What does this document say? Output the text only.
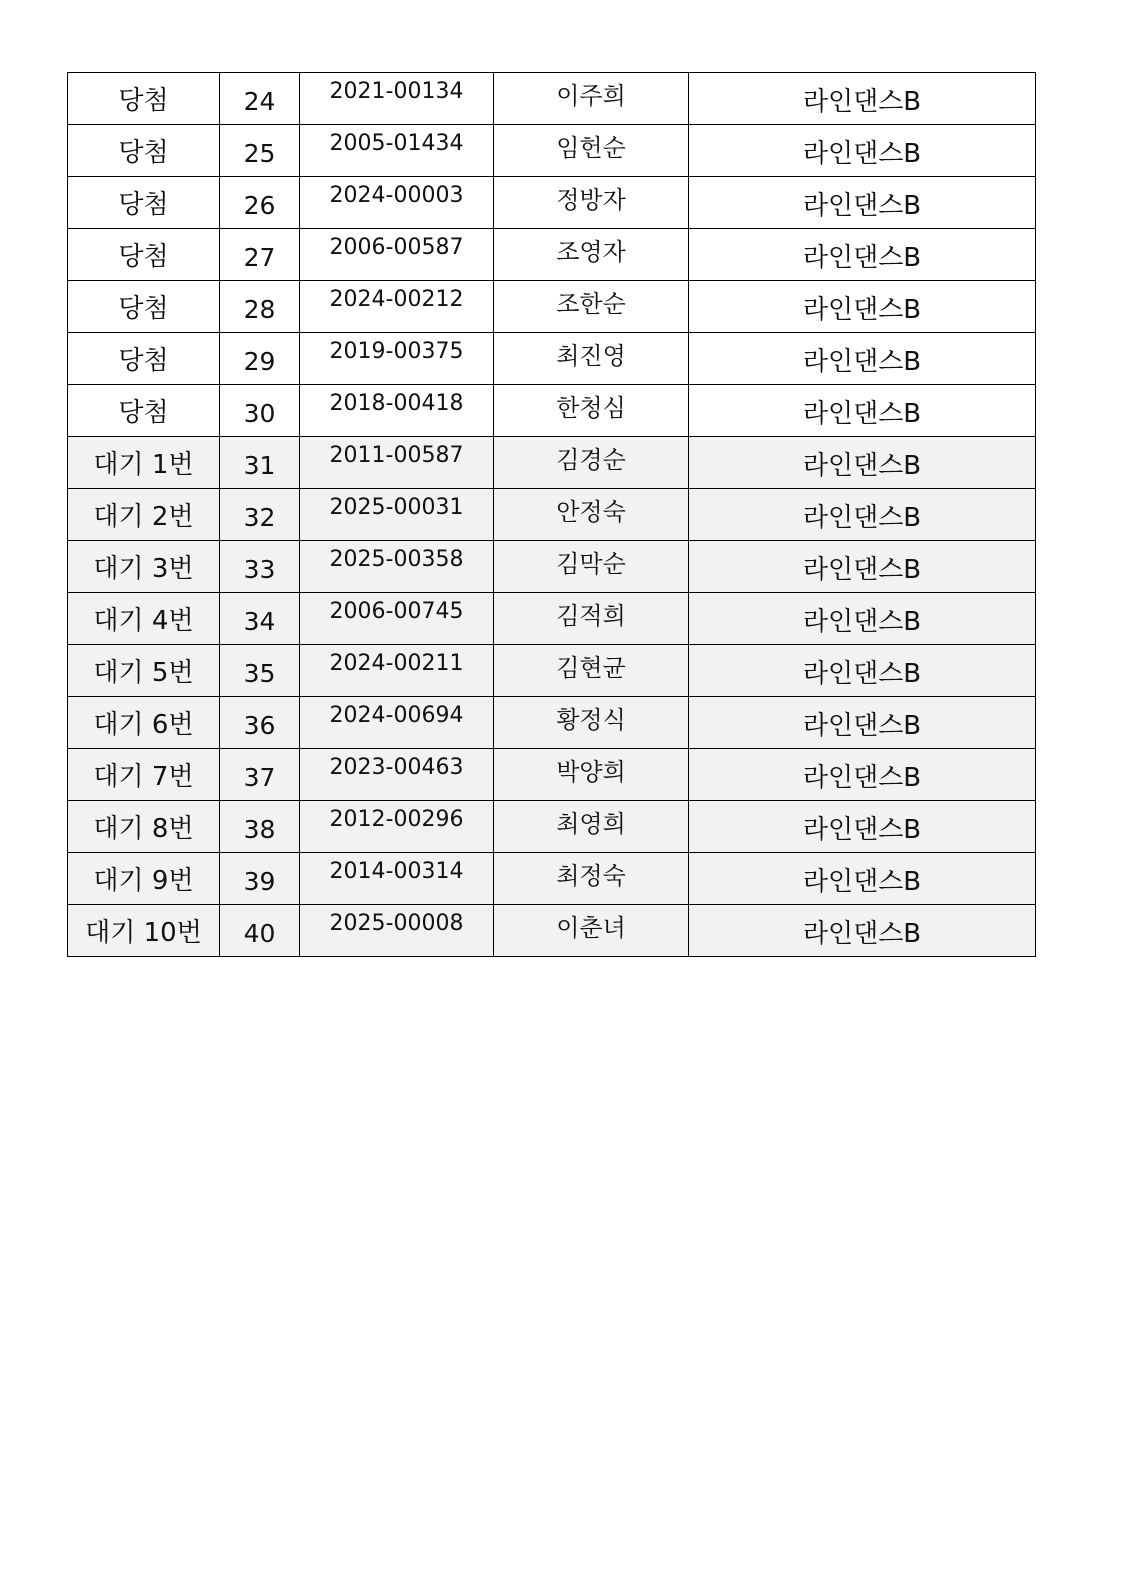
당첨	24	2021-00134	이주희	라인댄스B
당첨	25	2005-01434	임헌순	라인댄스B
당첨	26	2024-00003	정방자	라인댄스B
당첨	27	2006-00587	조영자	라인댄스B
당첨	28	2024-00212	조한순	라인댄스B
당첨	29	2019-00375	최진영	라인댄스B
당첨	30	2018-00418	한청심	라인댄스B
대기 1번	31	2011-00587	김경순	라인댄스B
대기 2번	32	2025-00031	안정숙	라인댄스B
대기 3번	33	2025-00358	김막순	라인댄스B
대기 4번	34	2006-00745	김적희	라인댄스B
대기 5번	35	2024-00211	김현균	라인댄스B
대기 6번	36	2024-00694	황정식	라인댄스B
대기 7번	37	2023-00463	박양희	라인댄스B
대기 8번	38	2012-00296	최영희	라인댄스B
대기 9번	39	2014-00314	최정숙	라인댄스B
대기 10번	40	2025-00008	이춘녀	라인댄스B
